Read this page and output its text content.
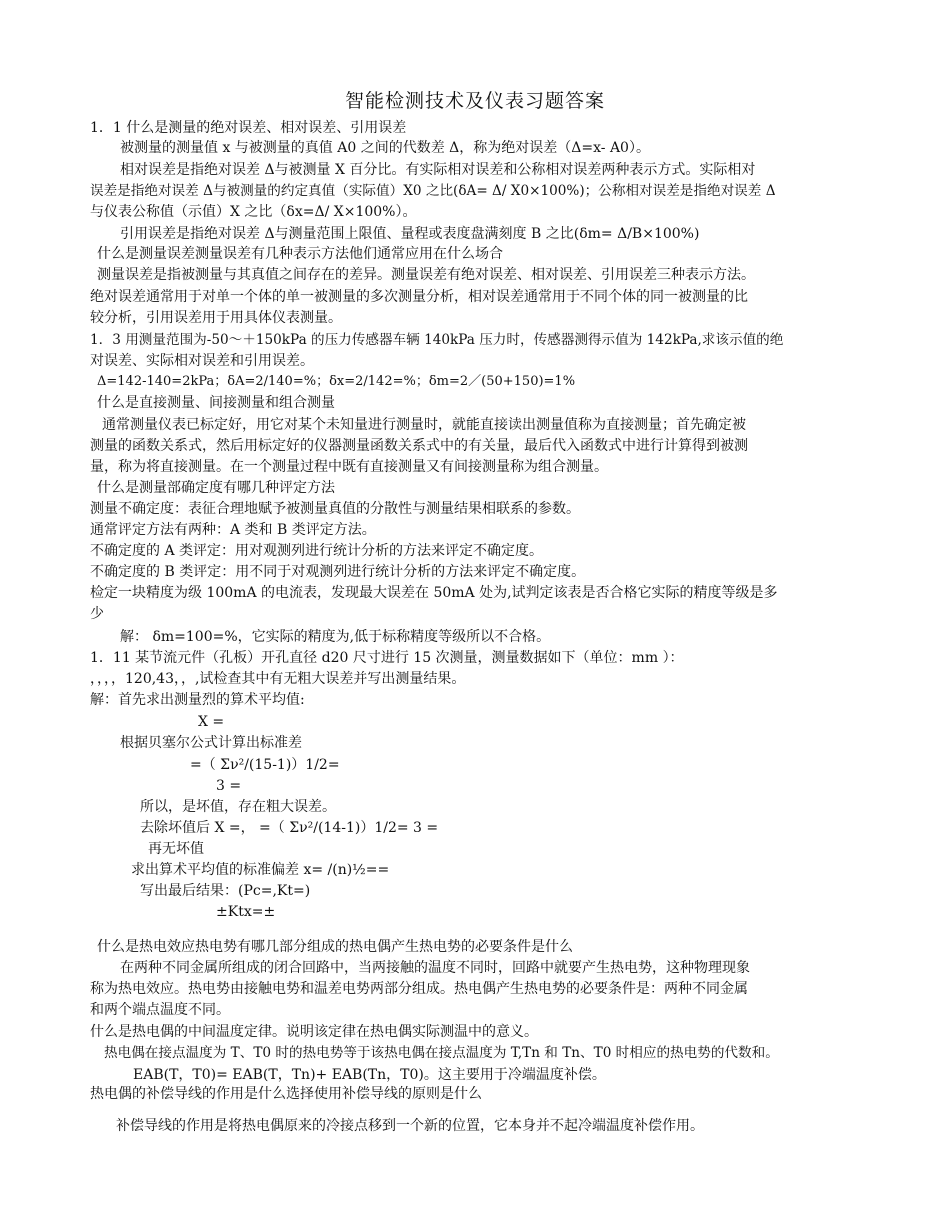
智能检测技术及仪表习题答案
1．1 什么是测量的绝对误差、相对误差、引用误差
被测量的测量值 x 与被测量的真值 A0 之间的代数差 Δ，称为绝对误差（Δ=x- A0）。
相对误差是指绝对误差 Δ与被测量 X 百分比。有实际相对误差和公称相对误差两种表示方式。实际相对
误差是指绝对误差 Δ与被测量的约定真值（实际值）X0 之比(δA= Δ/ X0×100%)；公称相对误差是指绝对误差 Δ
与仪表公称值（示值）X 之比（δx=Δ/ X×100%）。
引用误差是指绝对误差 Δ与测量范围上限值、量程或表度盘满刻度 B 之比(δm= Δ/B×100%)
什么是测量误差测量误差有几种表示方法他们通常应用在什么场合
测量误差是指被测量与其真值之间存在的差异。测量误差有绝对误差、相对误差、引用误差三种表示方法。
绝对误差通常用于对单一个体的单一被测量的多次测量分析，相对误差通常用于不同个体的同一被测量的比
较分析，引用误差用于用具体仪表测量。
1．3 用测量范围为-50～＋150kPa 的压力传感器车辆 140kPa 压力时，传感器测得示值为 142kPa,求该示值的绝
对误差、实际相对误差和引用误差。
Δ=142-140=2kPa；δA=2/140=%；δx=2/142=%；δm=2／(50+150)=1%
什么是直接测量、间接测量和组合测量
通常测量仪表已标定好，用它对某个未知量进行测量时，就能直接读出测量值称为直接测量；首先确定被
测量的函数关系式，然后用标定好的仪器测量函数关系式中的有关量，最后代入函数式中进行计算得到被测
量，称为将直接测量。在一个测量过程中既有直接测量又有间接测量称为组合测量。
什么是测量部确定度有哪几种评定方法
测量不确定度：表征合理地赋予被测量真值的分散性与测量结果相联系的参数。
通常评定方法有两种：A 类和 B 类评定方法。
不确定度的 A 类评定：用对观测列进行统计分析的方法来评定不确定度。
不确定度的 B 类评定：用不同于对观测列进行统计分析的方法来评定不确定度。
检定一块精度为级 100mA 的电流表，发现最大误差在 50mA 处为,试判定该表是否合格它实际的精度等级是多
少
解： δm=100=%，它实际的精度为,低于标称精度等级所以不合格。
1．11 某节流元件（孔板）开孔直径 d20 尺寸进行 15 次测量，测量数据如下（单位：mm ）：
，，，，120,43，，,试检查其中有无粗大误差并写出测量结果。
解：首先求出测量烈的算术平均值:
X =
根据贝塞尔公式计算出标准差
=（ Σν²/(15-1)）1/2=
3 =
所以，是坏值，存在粗大误差。
去除坏值后 X =， =（ Σν²/(14-1)）1/2= 3 =
再无坏值
求出算术平均值的标准偏差 x= /(n)½==
写出最后结果：(Pc=,Kt=)
±Ktx=±
什么是热电效应热电势有哪几部分组成的热电偶产生热电势的必要条件是什么
在两种不同金属所组成的闭合回路中，当两接触的温度不同时，回路中就要产生热电势，这种物理现象
称为热电效应。热电势由接触电势和温差电势两部分组成。热电偶产生热电势的必要条件是：两种不同金属
和两个端点温度不同。
什么是热电偶的中间温度定律。说明该定律在热电偶实际测温中的意义。
热电偶在接点温度为 T、T0 时的热电势等于该热电偶在接点温度为 T,Tn 和 Tn、T0 时相应的热电势的代数和。
EAB(T，T0)= EAB(T，Tn)+ EAB(Tn，T0)。这主要用于冷端温度补偿。
热电偶的补偿导线的作用是什么选择使用补偿导线的原则是什么
补偿导线的作用是将热电偶原来的冷接点移到一个新的位置，它本身并不起冷端温度补偿作用。
